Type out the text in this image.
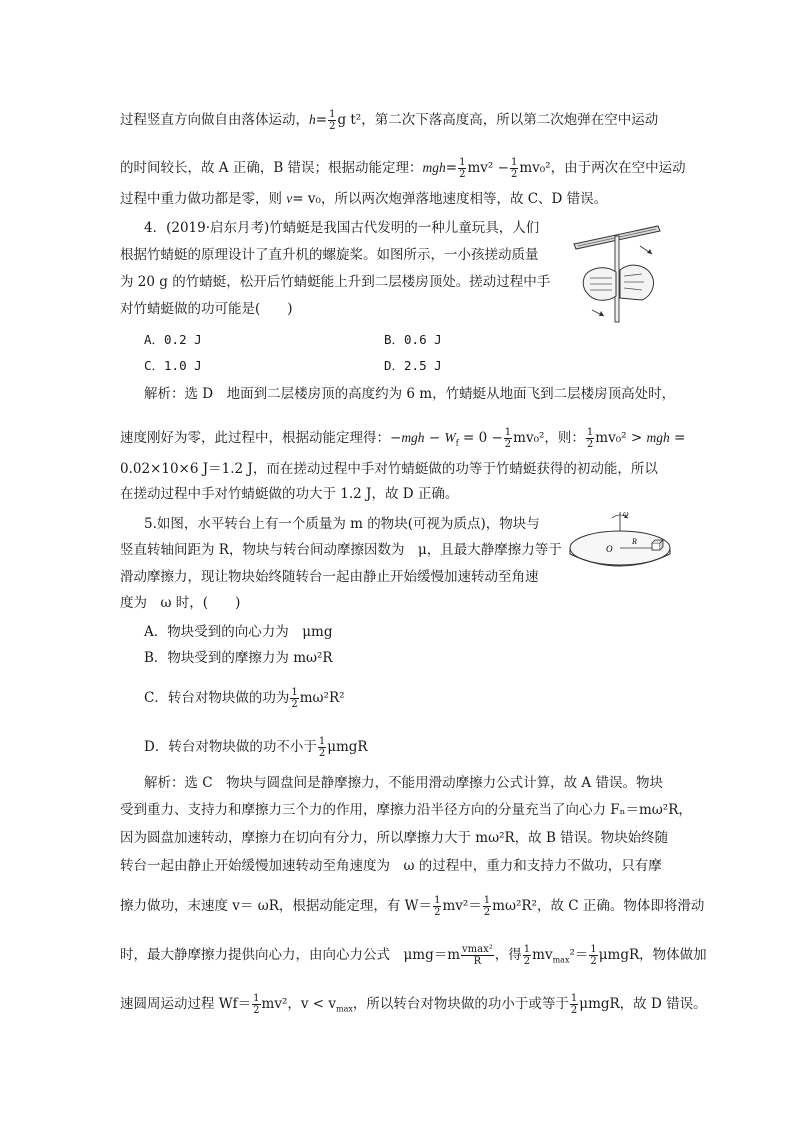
过程竖直方向做自由落体运动，$h= \frac{1}{2}$ g t²，第二次下落高度高，所以第二次炮弹在空中运动
的时间较长，故 A 正确，B 错误；根据动能定理：$mgh= \frac{1}{2} mv^2 - \frac{1}{2} mv_0^2$，由于两次在空中运动
过程中重力做功都是零，则 v= v₀，所以两次炮弹落地速度相等，故 C、D 错误。
4．(2019·启东月考)竹蜻蜓是我国古代发明的一种儿童玩具，人们
根据竹蜻蜓的原理设计了直升机的螺旋桨。如图所示，一小孩搓动质量
为 20 g 的竹蜻蜓，松开后竹蜻蜓能上升到二层楼房顶处。搓动过程中手
对竹蜻蜓做的功可能是(　　)
A．0.2 J	B．0.6 J
C．1.0 J	D．2.5 J
解析：选 D　地面到二层楼房顶的高度约为 6 m，竹蜻蜓从地面飞到二层楼房顶高处时，
速度刚好为零，此过程中，根据动能定理得：$-mgh - W_f = 0 - \frac{1}{2} mv_0^2$，则： $\frac{1}{2} mv_0^2$ > mgh =
0.02×10×6 J＝1.2 J，而在搓动过程中手对竹蜻蜓做的功等于竹蜻蜓获得的初动能，所以
在搓动过程中手对竹蜻蜓做的功大于 1.2 J，故 D 正确。
5.如图，水平转台上有一个质量为 m 的物块(可视为质点)，物块与
竖直转轴间距为 R，物块与转台间动摩擦因数为　μ，且最大静摩擦力等于
滑动摩擦力，现让物块始终随转台一起由静止开始缓慢加速转动至角速
度为　ω 时，(　　)
ω
O
R
A．物块受到的向心力为　μmg
B．物块受到的摩擦力为 mω²R
C．转台对物块做的功为 $\frac{1}{2} m\omega^2R^2$
D．转台对物块做的功不小于 $\frac{1}{2}$ μmgR
解析：选 C　物块与圆盘间是静摩擦力，不能用滑动摩擦力公式计算，故 A 错误。物块
受到重力、支持力和摩擦力三个力的作用，摩擦力沿半径方向的分量充当了向心力 Fₙ＝mω²R，
因为圆盘加速转动，摩擦力在切向有分力，所以摩擦力大于 mω²R，故 B 错误。物块始终随
转台一起由静止开始缓慢加速转动至角速度为　ω 的过程中，重力和支持力不做功，只有摩
擦力做功，末速度 v＝ ωR，根据动能定理，有 $W= \frac{1}{2} mv^2= \frac{1}{2} m\omega^2R^2$，故 C 正确。物体即将滑动
时，最大静摩擦力提供向心力，由向心力公式　$\mu mg=m \frac{\text{vmax²}}{R}$ ，得 $\frac{1}{2} mv_{max}^2= \frac{1}{2}$ μmgR，物体做加
速圆周运动过程 $Wf= \frac{1}{2} mv^2$，$v < v_{max}$，所以转台对物块做的功小于或等于 $\frac{1}{2}$ μmgR，故 D 错误。
